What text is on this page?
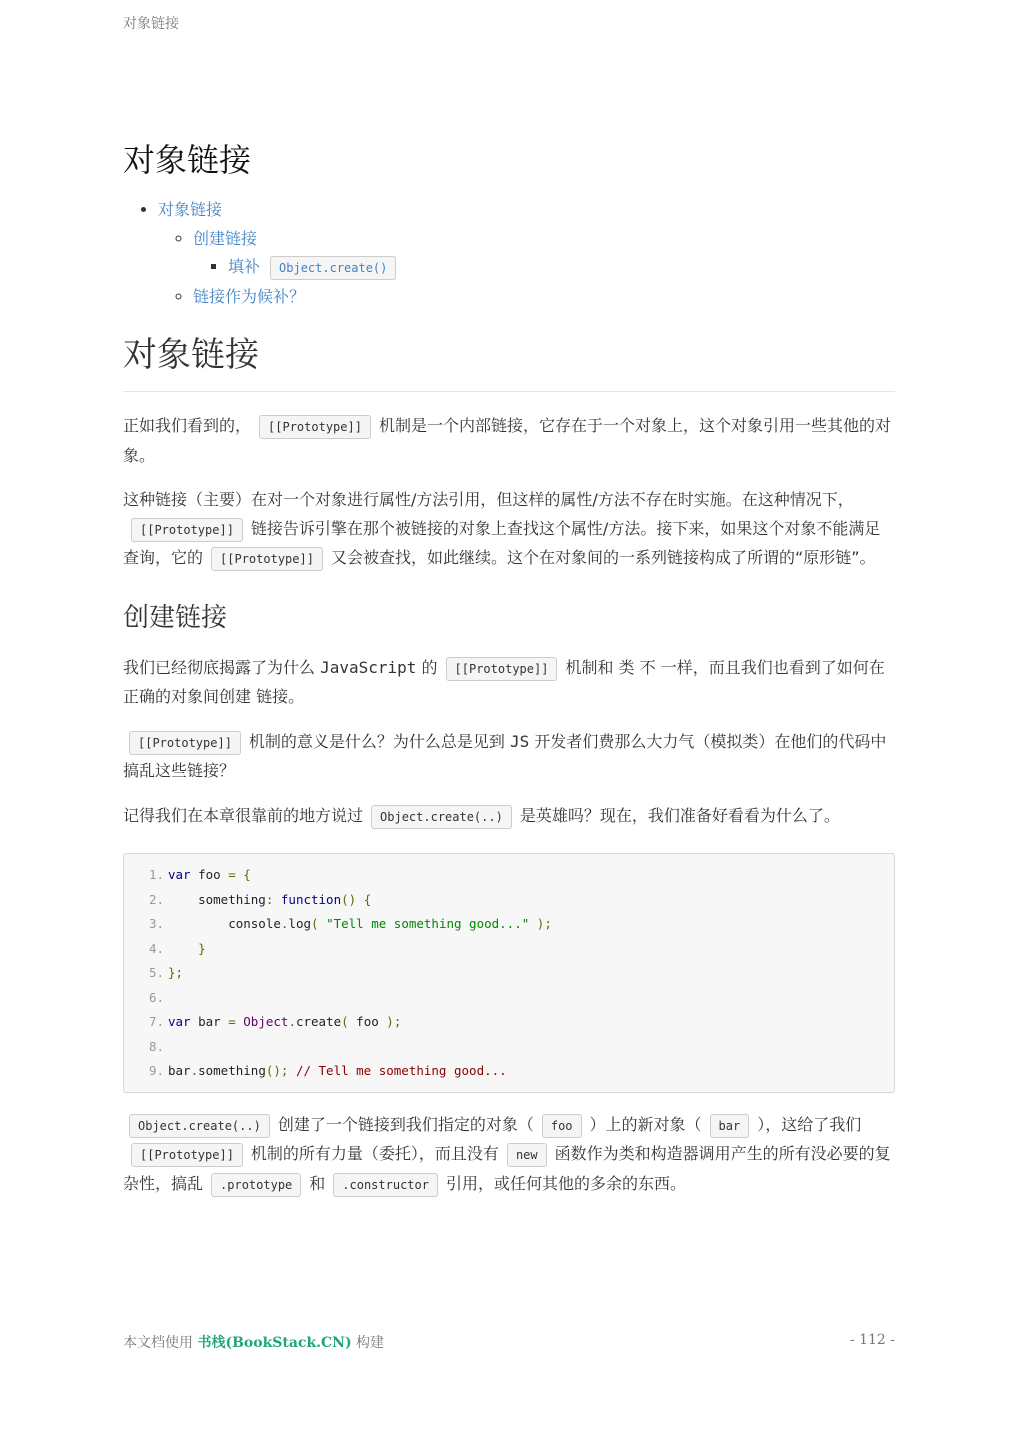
对象链接
对象链接
• 对象链接
◦ 创建链接
▪ 填补 Object.create()
◦ 链接作为候补？
对象链接

正如我们看到的， [[Prototype]] 机制是一个内部链接，它存在于一个对象上，这个对象引用一些其他的对象。

这种链接（主要）在对一个对象进行属性/方法引用，但这样的属性/方法不存在时实施。在这种情况下，[[Prototype]] 链接告诉引擎在那个被链接的对象上查找这个属性/方法。接下来，如果这个对象不能满足查询，它的 [[Prototype]] 又会被查找，如此继续。这个在对象间的一系列链接构成了所谓的“原形链”。

创建链接

我们已经彻底揭露了为什么 JavaScript 的 [[Prototype]] 机制和 类 不 一样，而且我们也看到了如何在正确的对象间创建 链接。

[[Prototype]] 机制的意义是什么？为什么总是见到 JS 开发者们费那么大力气（模拟类）在他们的代码中搞乱这些链接？

记得我们在本章很靠前的地方说过 Object.create(..) 是英雄吗？现在，我们准备好看看为什么了。

1. var foo = {
2.    something: function() {
3.        console.log( "Tell me something good..." );
4.    }
5. };
6.
7. var bar = Object.create( foo );
8.
9. bar.something(); // Tell me something good...

Object.create(..) 创建了一个链接到我们指定的对象（ foo ）上的新对象（ bar ），这给了我们[[Prototype]] 机制的所有力量（委托），而且没有 new 函数作为类和构造器调用产生的所有没必要的复杂性，搞乱 .prototype 和 .constructor 引用，或任何其他的多余的东西。

本文档使用 书栈(BookStack.CN) 构建	- 112 -
